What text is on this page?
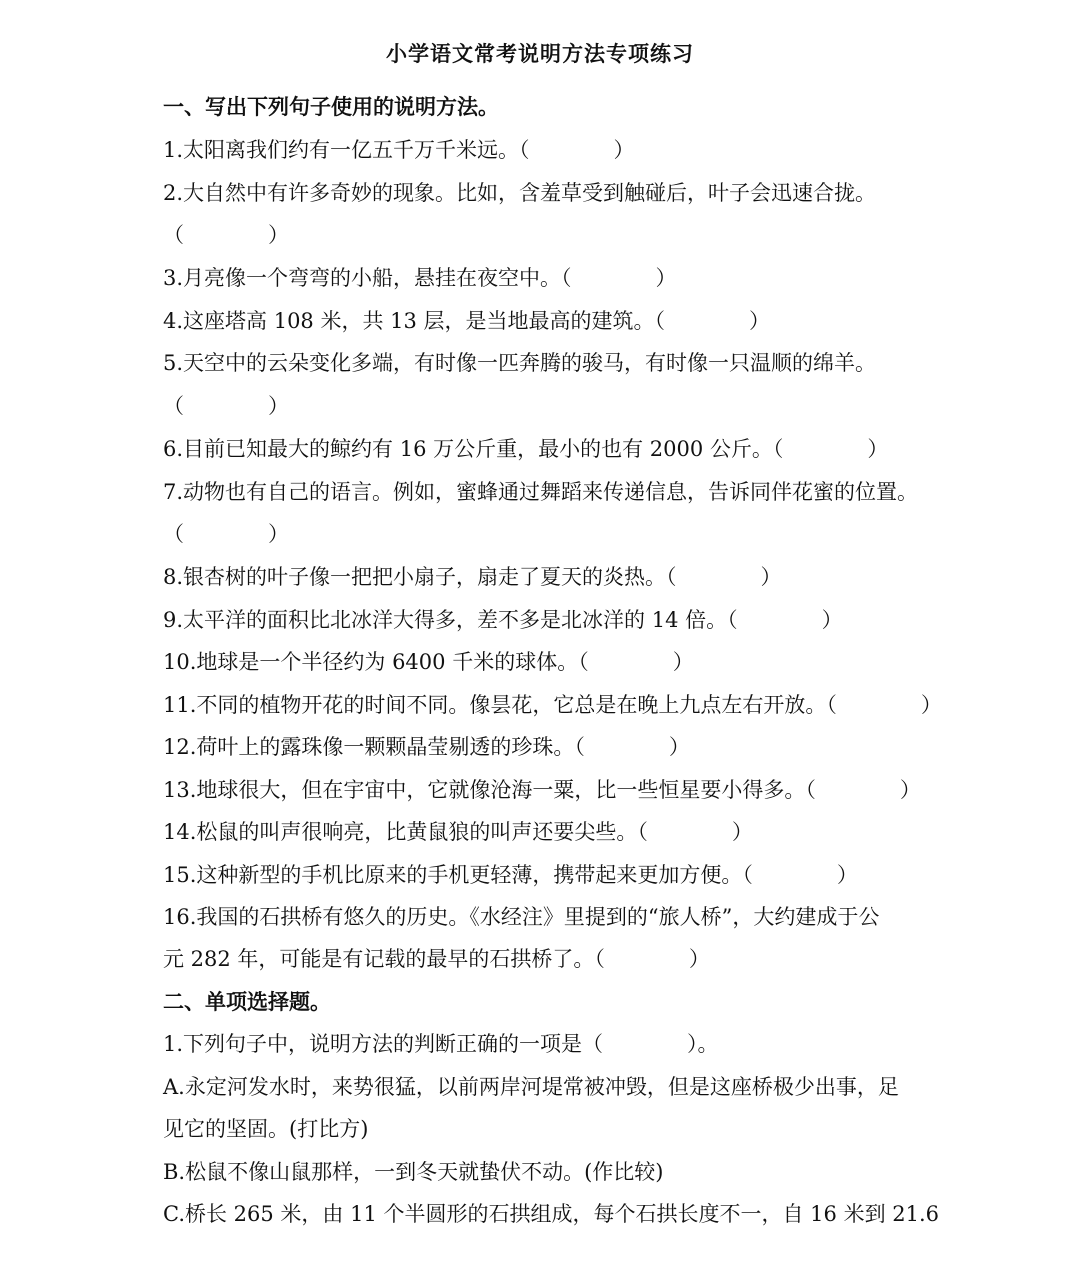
小学语文常考说明方法专项练习
一、写出下列句子使用的说明方法。
1.太阳离我们约有一亿五千万千米远。（　　　　）
2.大自然中有许多奇妙的现象。比如，含羞草受到触碰后，叶子会迅速合拢。
（　　　　）
3.月亮像一个弯弯的小船，悬挂在夜空中。（　　　　）
4.这座塔高 108 米，共 13 层，是当地最高的建筑。（　　　　）
5.天空中的云朵变化多端，有时像一匹奔腾的骏马，有时像一只温顺的绵羊。
（　　　　）
6.目前已知最大的鲸约有 16 万公斤重，最小的也有 2000 公斤。（　　　　）
7.动物也有自己的语言。例如，蜜蜂通过舞蹈来传递信息，告诉同伴花蜜的位置。
（　　　　）
8.银杏树的叶子像一把把小扇子，扇走了夏天的炎热。（　　　　）
9.太平洋的面积比北冰洋大得多，差不多是北冰洋的 14 倍。（　　　　）
10.地球是一个半径约为 6400 千米的球体。（　　　　）
11.不同的植物开花的时间不同。像昙花，它总是在晚上九点左右开放。（　　　　）
12.荷叶上的露珠像一颗颗晶莹剔透的珍珠。（　　　　）
13.地球很大，但在宇宙中，它就像沧海一粟，比一些恒星要小得多。（　　　　）
14.松鼠的叫声很响亮，比黄鼠狼的叫声还要尖些。（　　　　）
15.这种新型的手机比原来的手机更轻薄，携带起来更加方便。（　　　　）
16.我国的石拱桥有悠久的历史。《水经注》里提到的“旅人桥”，大约建成于公
元 282 年，可能是有记载的最早的石拱桥了。（　　　　）
二、单项选择题。
1.下列句子中，说明方法的判断正确的一项是（　　　　）。
A.永定河发水时，来势很猛，以前两岸河堤常被冲毁，但是这座桥极少出事，足
见它的坚固。(打比方)
B.松鼠不像山鼠那样，一到冬天就蛰伏不动。(作比较)
C.桥长 265 米，由 11 个半圆形的石拱组成，每个石拱长度不一，自 16 米到 21.6
